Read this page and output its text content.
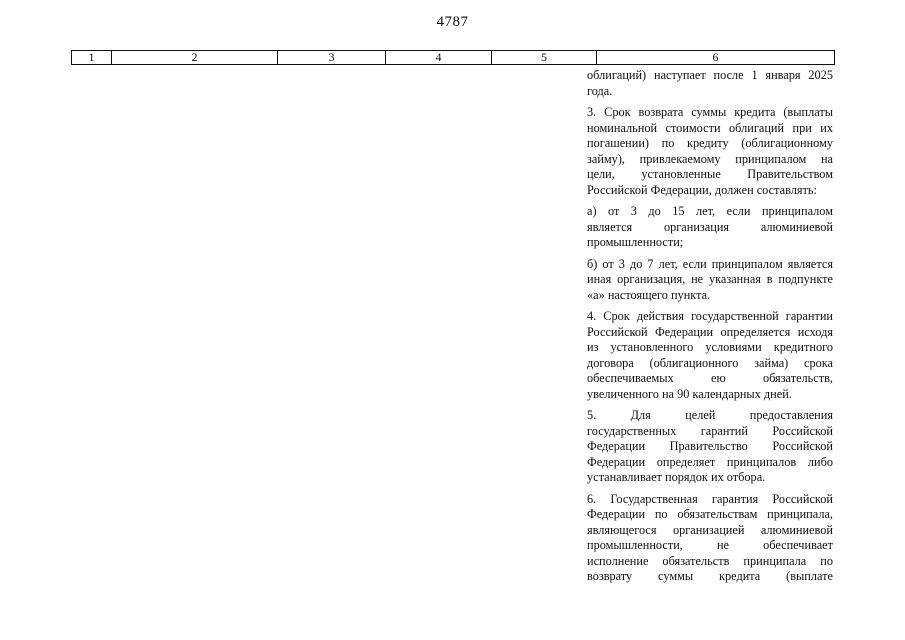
4787
1	2	3	4	5	6

облигаций) наступает после 1 января 2025
года.

3. Срок возврата суммы кредита (выплаты
номинальной стоимости облигаций при их
погашении) по кредиту (облигационному
займу), привлекаемому принципалом на
цели, установленные Правительством
Российской Федерации, должен составлять:

а) от 3 до 15 лет, если принципалом
является организация алюминиевой
промышленности;

б) от 3 до 7 лет, если принципалом является
иная организация, не указанная в подпункте
«а» настоящего пункта.

4. Срок действия государственной гарантии
Российской Федерации определяется исходя
из установленного условиями кредитного
договора (облигационного займа) срока
обеспечиваемых ею обязательств,
увеличенного на 90 календарных дней.

5. Для целей предоставления
государственных гарантий Российской
Федерации Правительство Российской
Федерации определяет принципалов либо
устанавливает порядок их отбора.

6. Государственная гарантия Российской
Федерации по обязательствам принципала,
являющегося организацией алюминиевой
промышленности, не обеспечивает
исполнение обязательств принципала по
возврату суммы кредита (выплате
